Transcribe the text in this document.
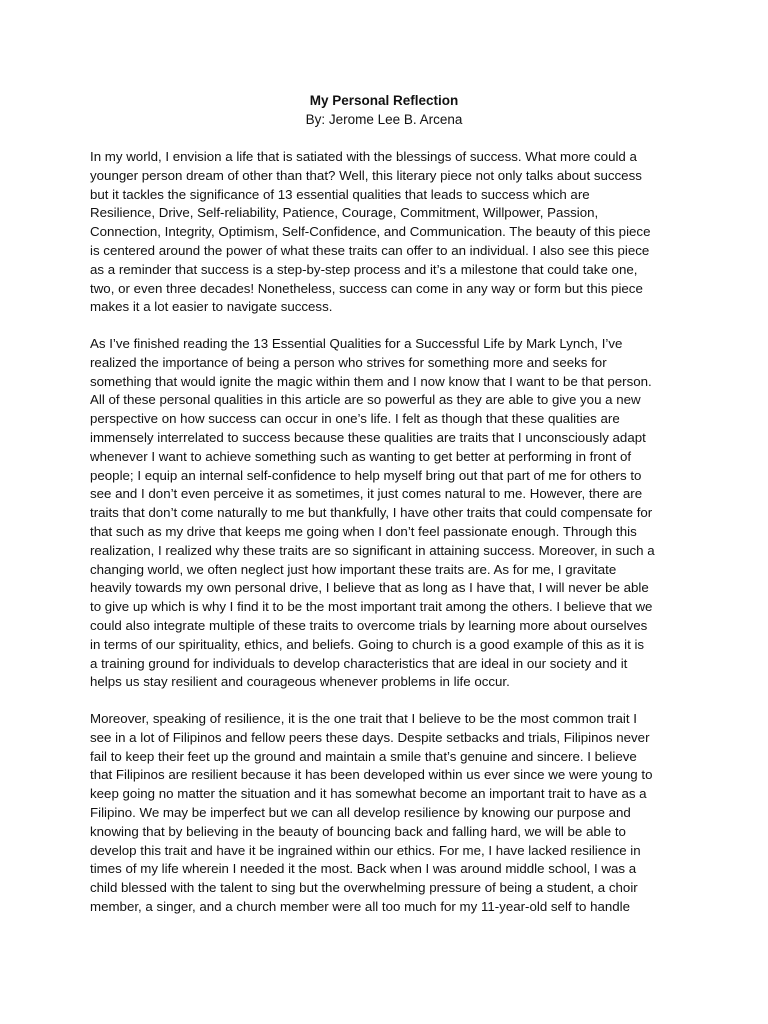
My Personal Reflection

By: Jerome Lee B. Arcena

In my world, I envision a life that is satiated with the blessings of success. What more could a
younger person dream of other than that? Well, this literary piece not only talks about success
but it tackles the significance of 13 essential qualities that leads to success which are
Resilience, Drive, Self-reliability, Patience, Courage, Commitment, Willpower, Passion,
Connection, Integrity, Optimism, Self-Confidence, and Communication. The beauty of this piece
is centered around the power of what these traits can offer to an individual. I also see this piece
as a reminder that success is a step-by-step process and it’s a milestone that could take one,
two, or even three decades! Nonetheless, success can come in any way or form but this piece
makes it a lot easier to navigate success.
As I’ve finished reading the 13 Essential Qualities for a Successful Life by Mark Lynch, I’ve
realized the importance of being a person who strives for something more and seeks for
something that would ignite the magic within them and I now know that I want to be that person.
All of these personal qualities in this article are so powerful as they are able to give you a new
perspective on how success can occur in one’s life. I felt as though that these qualities are
immensely interrelated to success because these qualities are traits that I unconsciously adapt
whenever I want to achieve something such as wanting to get better at performing in front of
people; I equip an internal self-confidence to help myself bring out that part of me for others to
see and I don’t even perceive it as sometimes, it just comes natural to me. However, there are
traits that don’t come naturally to me but thankfully, I have other traits that could compensate for
that such as my drive that keeps me going when I don’t feel passionate enough. Through this
realization, I realized why these traits are so significant in attaining success. Moreover, in such a
changing world, we often neglect just how important these traits are. As for me, I gravitate
heavily towards my own personal drive, I believe that as long as I have that, I will never be able
to give up which is why I find it to be the most important trait among the others. I believe that we
could also integrate multiple of these traits to overcome trials by learning more about ourselves
in terms of our spirituality, ethics, and beliefs. Going to church is a good example of this as it is
a training ground for individuals to develop characteristics that are ideal in our society and it
helps us stay resilient and courageous whenever problems in life occur.
Moreover, speaking of resilience, it is the one trait that I believe to be the most common trait I
see in a lot of Filipinos and fellow peers these days. Despite setbacks and trials, Filipinos never
fail to keep their feet up the ground and maintain a smile that’s genuine and sincere. I believe
that Filipinos are resilient because it has been developed within us ever since we were young to
keep going no matter the situation and it has somewhat become an important trait to have as a
Filipino. We may be imperfect but we can all develop resilience by knowing our purpose and
knowing that by believing in the beauty of bouncing back and falling hard, we will be able to
develop this trait and have it be ingrained within our ethics. For me, I have lacked resilience in
times of my life wherein I needed it the most. Back when I was around middle school, I was a
child blessed with the talent to sing but the overwhelming pressure of being a student, a choir
member, a singer, and a church member were all too much for my 11-year-old self to handle
